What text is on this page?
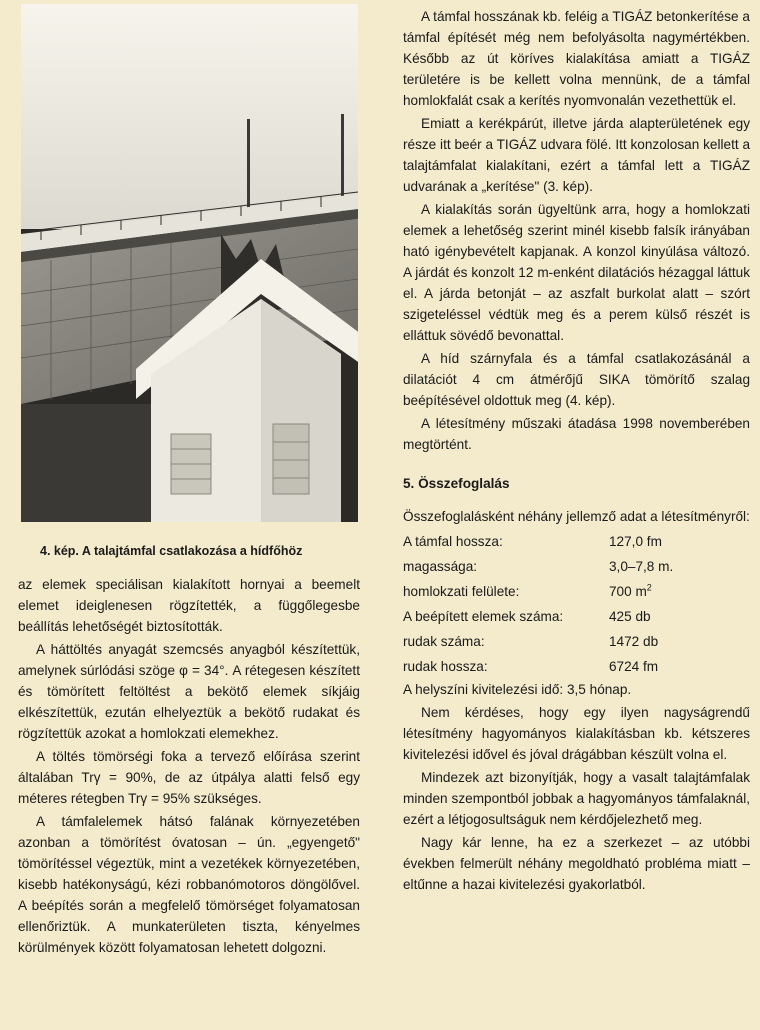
4. kép. A talajtámfal csatlakozása a hídfőhöz

az elemek speciálisan kialakított hornyai a beemelt elemet ideiglenesen rögzítették, a függőlegesbe beállítás lehetőségét biztosították.

A háttöltés anyagát szemcsés anyagból készítettük, amelynek súrlódási szöge φ = 34°. A rétegesen készített és tömörített feltöltést a bekötő elemek síkjáig elkészítettük, ezután elhelyeztük a bekötő rudakat és rögzítettük azokat a homlokzati elemekhez.

A töltés tömörségi foka a tervező előírása szerint általában Trγ = 90%, de az útpálya alatti felső egy méteres rétegben Trγ = 95% szükséges.

A támfalelemek hátsó falának környezetében azonban a tömörítést óvatosan – ún. „egyengető" tömörítéssel végeztük, mint a vezetékek környezetében, kisebb hatékonyságú, kézi robbanómotoros döngölővel. A beépítés során a megfelelő tömörséget folyamatosan ellenőriztük. A munkaterületen tiszta, kényelmes körülmények között folyamatosan lehetett dolgozni.

A támfal hosszának kb. feléig a TIGÁZ betonkerítése a támfal építését még nem befolyásolta nagymértékben. Később az út köríves kialakítása amiatt a TIGÁZ területére is be kellett volna mennünk, de a támfal homlokfalát csak a kerítés nyomvonalán vezethettük el.

Emiatt a kerékpárút, illetve járda alapterületének egy része itt beér a TIGÁZ udvara fölé. Itt konzolosan kellett a talajtámfalat kialakítani, ezért a támfal lett a TIGÁZ udvarának a „kerítése" (3. kép).

A kialakítás során ügyeltünk arra, hogy a homlokzati elemek a lehetőség szerint minél kisebb falsík irányában ható igénybevételt kapjanak. A konzol kinyúlása változó. A járdát és konzolt 12 m-enként dilatációs hézaggal láttuk el. A járda betonját – az aszfalt burkolat alatt – szórt szigeteléssel védtük meg és a perem külső részét is elláttuk sövédő bevonattal.

A híd szárnyfala és a támfal csatlakozásánál a dilatációt 4 cm átmérőjű SIKA tömörítő szalag beépítésével oldottuk meg (4. kép).

A létesítmény műszaki átadása 1998 novemberében megtörtént.

5. Összefoglalás

Összefoglalásként néhány jellemző adat a létesítményről:

A támfal hossza:	127,0 fm
magassága:	3,0–7,8 m.
homlokzati felülete:	700 $m^2$
A beépített elemek száma:	425 db
rudak száma:	1472 db
rudak hossza:	6724 fm

A helyszíni kivitelezési idő: 3,5 hónap.

Nem kérdéses, hogy egy ilyen nagyságrendű létesítmény hagyományos kialakításban kb. kétszeres kivitelezési idővel és jóval drágábban készült volna el.

Mindezek azt bizonyítják, hogy a vasalt talajtámfalak minden szempontból jobbak a hagyományos támfalaknál, ezért a létjogosultságuk nem kérdőjelezhető meg.

Nagy kár lenne, ha ez a szerkezet – az utóbbi években felmerült néhány megoldható probléma miatt – eltűnne a hazai kivitelezési gyakorlatból.
